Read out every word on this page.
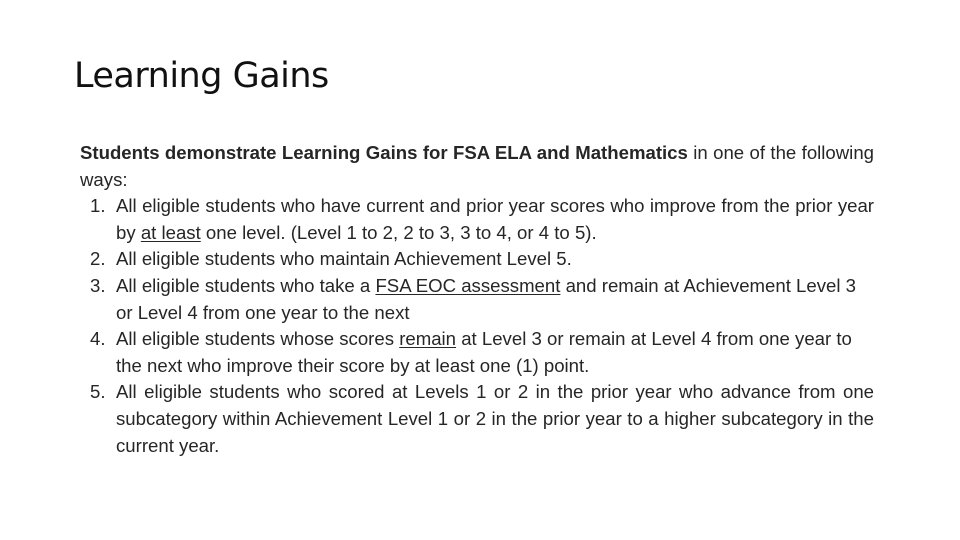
Learning Gains
Students demonstrate Learning Gains for FSA ELA and Mathematics in one of the following ways:
1. All eligible students who have current and prior year scores who improve from the prior year by at least one level. (Level 1 to 2, 2 to 3, 3 to 4, or 4 to 5).
2. All eligible students who maintain Achievement Level 5.
3. All eligible students who take a FSA EOC assessment and remain at Achievement Level 3 or Level 4 from one year to the next
4. All eligible students whose scores remain at Level 3 or remain at Level 4 from one year to the next who improve their score by at least one (1) point.
5. All eligible students who scored at Levels 1 or 2 in the prior year who advance from one subcategory within Achievement Level 1 or 2 in the prior year to a higher subcategory in the current year.
